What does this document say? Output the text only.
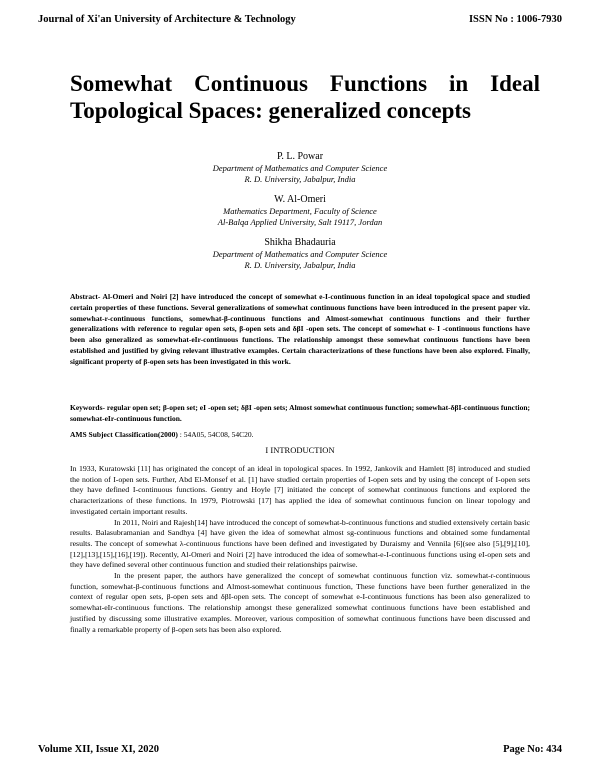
Journal of Xi'an University of Architecture & Technology	ISSN No : 1006-7930
Somewhat Continuous Functions in Ideal
Topological Spaces: generalized concepts
P. L. Powar
Department of Mathematics and Computer Science
R. D. University, Jabalpur, India
W. Al-Omeri
Mathematics Department, Faculty of Science
Al-Balqa Applied University, Salt 19117, Jordan
Shikha Bhadauria
Department of Mathematics and Computer Science
R. D. University, Jabalpur, India

Abstract- Al-Omeri and Noiri [2] have introduced the concept of somewhat e-I-continuous function in an ideal topological space and studied certain properties of these functions. Several generalizations of somewhat continuous functions have been introduced in the present paper viz. somewhat-r-continuous functions, somewhat-β-continuous functions and Almost-somewhat continuous functions and their further generalizations with reference to regular open sets, β-open sets and δβI -open sets. The concept of somewhat e- I -continuous functions have been also generalized as somewhat-eIr-continuous functions. The relationship amongst these somewhat continuous functions have been established and justified by giving relevant illustrative examples. Certain characterizations of these functions have been also explored. Finally, significant property of β-open sets has been investigated in this work.

Keywords- regular open set; β-open set; eI -open set; δβI -open sets; Almost somewhat continuous function; somewhat-δβI-continuous function; somewhat-eIr-continuous function.

AMS Subject Classification(2000) : 54A05, 54C08, 54C20.

I INTRODUCTION

In 1933, Kuratowski [11] has originated the concept of an ideal in topological spaces. In 1992, Jankovik and Hamlett [8] introduced and studied the notion of I-open sets. Further, Abd El-Monsef et al. [1] have studied certain properties of I-open sets and by using the concept of I-open sets they have defined I-continuous functions. Gentry and Hoyle [7] initiated the concept of somewhat continuous functions and explored the characterizations of these functions. In 1979, Piotrowski [17] has applied the idea of somewhat continuous funcion on linear topology and investigated certain important results.

In 2011, Noiri and Rajesh[14] have introduced the concept of somewhat-b-continuous functions and studied extensively certain basic results. Balasubramanian and Sandhya [4] have given the idea of somewhat almost sg-continuous functions and obtained some fundamental results. The concept of somewhat λ-continuous functions have been defined and investigated by Duraismy and Vennila [6](see also [5],[9],[10],[12],[13],[15],[16],[19]). Recently, Al-Omeri and Noiri [2] have introduced the idea of somewhat-e-I-continuous functions using eI-open sets and they have defined several other continuous function and studied their relationships pairwise.

In the present paper, the authors have generalized the concept of somewhat continuous function viz. somewhat-r-continuous function, somewhat-β-continuous functions and Almost-somewhat continuous function, These functions have been further generalized in the context of regular open sets, β-open sets and δβI-open sets. The concept of somewhat e-I-continuous functions has been also generalized to somewhat-eIr-continuous functions. The relationship amongst these generalized somewhat continuous functions have been established and justified by discussing some illustrative examples. Moreover, various composition of somewhat continuous functions have been discussed and finally a remarkable property of β-open sets has been also explored.

Volume XII, Issue XI, 2020	Page No: 434
